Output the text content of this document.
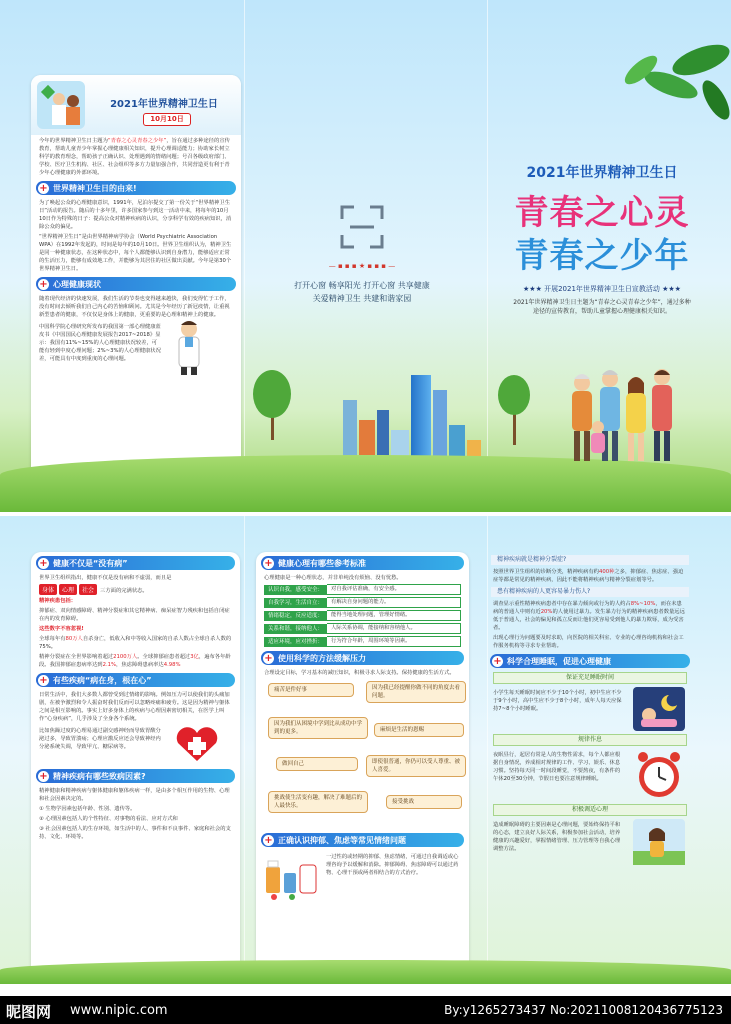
2021年世界精神卫生日
10月10日
今年的世界精神卫生日主题为“青春之心灵青春之少年”，旨在通过多种途径的宣传教育，帮助儿童青少年掌握心理健康相关知识，提升心理调适能力；协助家长树立科学的教育理念，帮助孩子正确认识、处理遇到的情绪问题；号召各级政府部门、学校、医疗卫生机构、社区、社会组织等多方力量加强合作，共同营造更有利于青少年心理健康的外部环境。
+ 世界精神卫生日的由来!
为了唤起公众的心理健康意识，1991年，尼泊尔提交了第一份关于“世界精神卫生日”活动的报告。随后的十多年里，许多国家参与到这一活动中来，将每年的10月10日作为特殊的日子：提高公众对精神疾病的认识，分享科学有效的疾病知识，消除公众的偏见。
“世界精神卫生日”是由世界精神病学协会（World Psychiatric Association WPA）在1992年发起的，时间是每年的10月10日。世界卫生组织认为，精神卫生是同一种健康状态，在这种状态中，每个人都能够认识到自身潜力，能够适应正常的生活压力，能够有成效地工作，并能够为其居住的社区做出贡献。今年是第30个世界精神卫生日。
+ 心理健康现状
随着现代经济的快速发展，我们生活的节奏也变得越来越快，我们变得忙于工作，没有时间去倾听我们自己内心的苦恼和顾问。尤其是今年经历了新冠疫情，让重视新型患者的健康，不仅仅是身体上的健康，更重要的是心理和精神上的健康。
中国科学院心理研究所发布的我国第一部心理健康蓝皮书《中国国民心理健康发展报告2017~2018》显示：我国有11%~15%的人心理健康状况较差，可能有轻到中度心理问题；2%~3%的人心理健康状况差，可能具有中度到重度的心理问题。
— ▪ ▪ ▪ ★ ▪ ▪ ▪ —
打开心窗 畅享阳光 打开心窗 共享健康
关爱精神卫生 共建和谐家园
2021年世界精神卫生日
青春之心灵
青春之少年
★★★ 开展2021年世界精神卫生日宣教活动 ★★★
2021年世界精神卫生日主题为“青春之心灵青春之少年”，通过多种途径的宣传教育，帮助儿童掌握心理健康相关知识。
+ 健康不仅是“没有病”
世界卫生组织指出，健康不仅是没有病和不虚弱，而且是
身体	心理	社会	三方面的完满状态。
精神疾患包括：
抑郁症、双向情感障碍、精神分裂症和其它精神病、痴呆症智力残疾和包括自闭症在内的发育障碍。
这些数字不容忽视!
全球每年有80万人自杀身亡，低收入和中等收入国家的自杀人数占全球自杀人数的75%。
精神分裂症在全世界影响着超过2100万人。全球抑郁症患者超过3亿，遍布各年龄段。我国抑郁症患病率达到2.1%，焦虑障碍患病率达4.98%
+ 有些疾病“病在身，根在心”
日常生活中，我们大多数人都曾受到过情绪的影响。例如压力可以使我们的头痛加剧，在被争激烈和令人振奋时我们反而可以忽略疼痛和疲劳。这是因为精神与躯体之间是相互影响的。事实上好多身体上的疾病与心理因素密切相关，在医学上叫作“心身疾病”，几乎涉及了全身各个系统。
比如焦躁过度的心理易通过副交感神经而导致胃酸分泌过多，导致胃溃疡；心理应激反应还会导致神经内分泌系统失调，导致甲亢、糖尿病等。
+ 精神疾病有哪些致病因素?
精神健康和精神疾病与躯体健康和躯体疾病一样，是由多个相互作用的生物、心理和社会因素决定的。
① 生物学因素包括年龄、性别、遗传等。
② 心理因素包括人的个性特征、对事物的看法、应对方式和
③ 社会因素包括人的生存环境，如生活中的人、事件和不良事件、家庭和社会的支持、文化、环境等。
+ 健康心理有哪些参考标准
心理健康是一种心理状态，并非单纯没有烦恼、没有忧愁。
认识自我，感受安全：	对自我评估准确，有安全感。
自我学习，生活自立：	有解决自身问题的能力。
情绪稳定，反应适度：	能得当地处理问题，管理好情绪。
关系和谐，接纳他人：	人际关系协调，能接纳和容纳他人。
适应环境，应对挫折：	行为符合年龄，周围环境等因素。
+ 使用科学的方法缓解压力
合理设定目标，学习基本的减压知识，积极寻求人际支持。保持健康的生活方式。
痛苦是件好事	因为我已经提醒你做不同的角度去看问题。
因为我们从困境中学到比从成功中学到的更多。	麻烦是生活的恩赐
做回自己	即使很普通，你仍可以受人尊重、被人喜爱。
接受挑战
挑战使生活变有趣，解决了难题后的人最快乐。
+ 正确认识抑郁、焦虑等常见情绪问题
一过性的或轻期的抑郁、焦虑情绪，可通过自我调适或心理咨询予以缓解和消除。抑郁障碍、焦虑障碍可以通过药物、心理干预或两者相结合的方式治疗。
精神疾病就是精神分裂症?
按照世界卫生组织的诊断分类，精神疾病有约400种之多，抑郁症、焦虑症、强迫症等都是常见的精神疾病，因此不能将精神疾病与精神分裂症划等号。
患有精神疾病的人更容易暴力伤人?
调查显示重性精神疾病患者中存在暴力倾向或行为的人约占8%~10%，而在未患病的普通人中则有近20%的人使用过暴力。发生暴力行为的精神疾病患者数量远远低于普通人，社会的偏见和孤立反而让他们更容易受到他人的暴力欺辱，成为受害者。
出现心理行为问题要及时求助，向医院的相关科室、专业的心理咨询机构和社会工作服务机构等寻求专业帮助。
+ 科学合理睡眠，促进心理健康
保证充足睡眠时间
小学生每天睡眠时间应不少于10个小时，初中生应不少于9个小时，高中生应不少于8个小时，成年人每天应保持7~8个小时睡眠。
规律作息
夜眠昼行，起居有常是人的生物性需求，每个人都应根据自身情况，养成相对规律的工作、学习、娱乐、休息习惯。坚持每天同一时间段睡觉，不要熬夜，有条件的午休20至30分钟，节假日也要注意规律睡眠。
积极调适心理
造成睡眠障碍的主要因素是心理问题，要始终保持平和的心态，建立良好人际关系，积极参加社会活动，培养健康的兴趣爱好，掌握情绪管理、压力管理等自我心理调整方法。
昵图网 www.nipic.com	By:y1265273437 No:20211008120436775123
